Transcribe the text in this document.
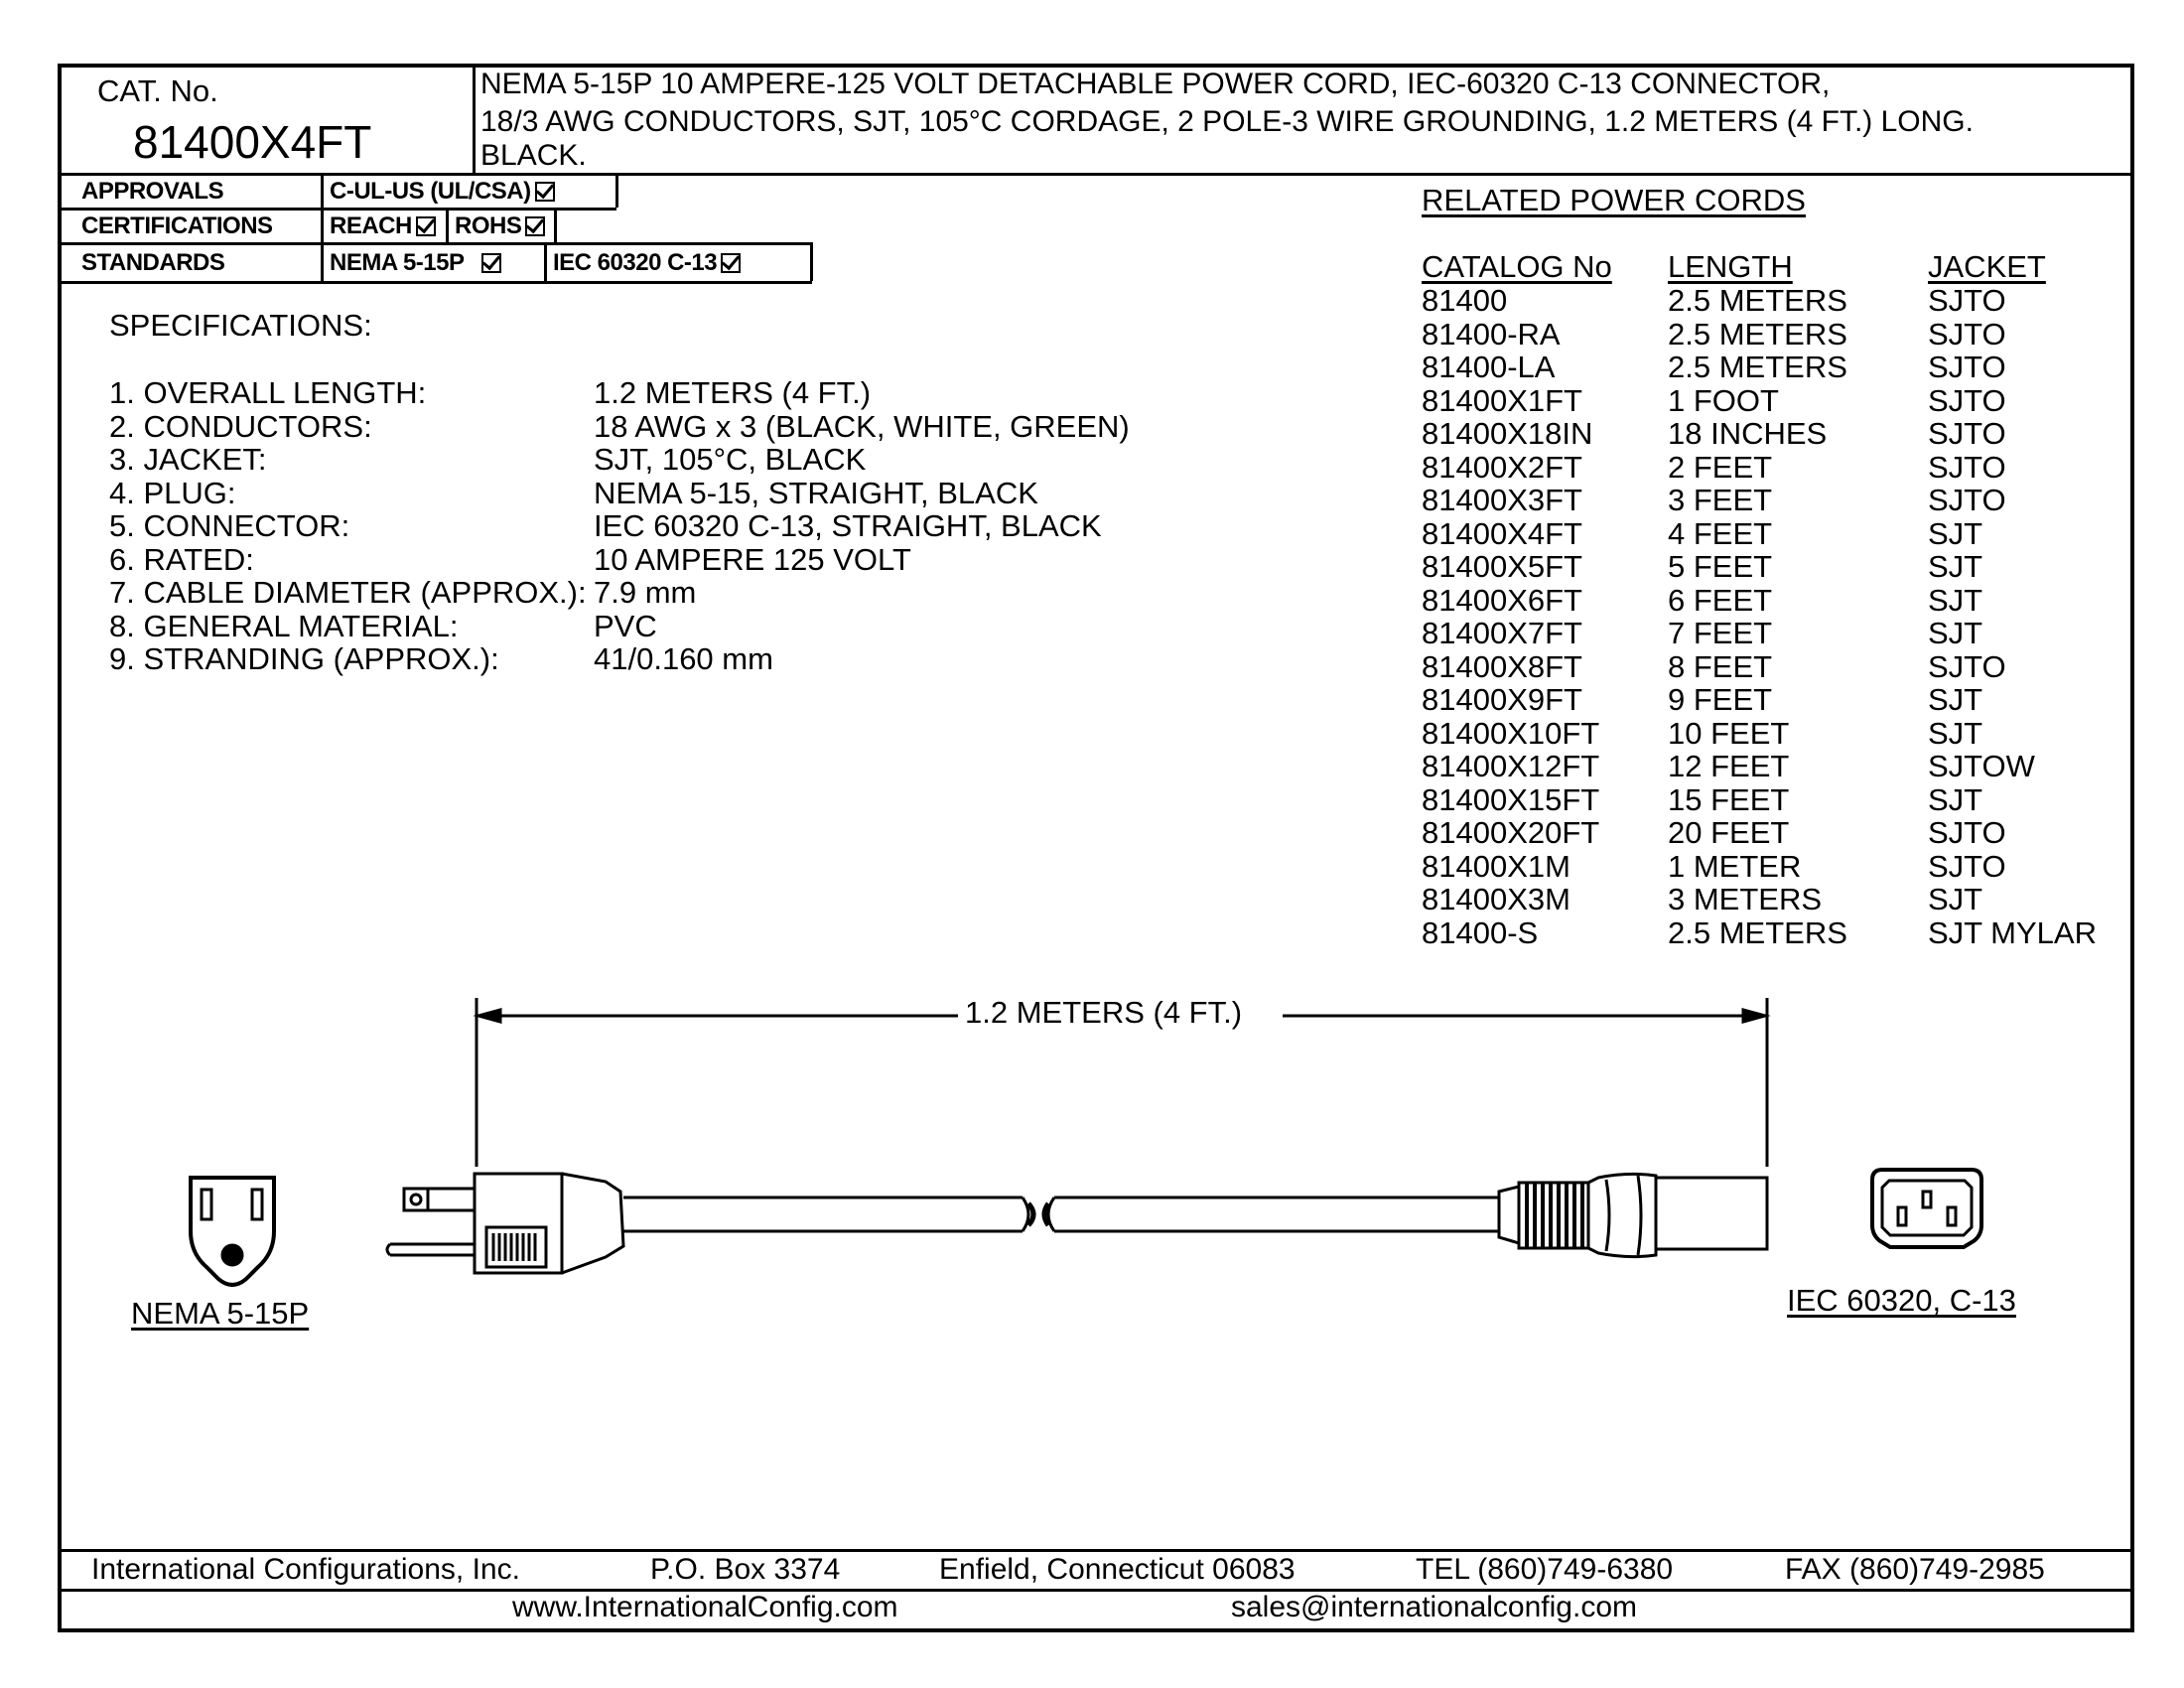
CAT. No.
81400X4FT
NEMA 5-15P 10 AMPERE-125 VOLT DETACHABLE POWER CORD, IEC-60320 C-13 CONNECTOR,
18/3 AWG CONDUCTORS, SJT, 105°C CORDAGE, 2 POLE-3 WIRE GROUNDING, 1.2 METERS (4 FT.) LONG.
BLACK.
APPROVALS	C-UL-US (UL/CSA)
CERTIFICATIONS REACH ROHS
STANDARDS	NEMA 5-15P	IEC 60320 C-13
SPECIFICATIONS:
1. OVERALL LENGTH:	1.2 METERS (4 FT.)
2. CONDUCTORS:	18 AWG x 3 (BLACK, WHITE, GREEN)
3. JACKET:	SJT, 105°C, BLACK
4. PLUG:	NEMA 5-15, STRAIGHT, BLACK
5. CONNECTOR:	IEC 60320 C-13, STRAIGHT, BLACK
6. RATED:	10 AMPERE 125 VOLT
7. CABLE DIAMETER (APPROX.): 7.9 mm
8. GENERAL MATERIAL:	PVC
9. STRANDING (APPROX.):	41/0.160 mm
RELATED POWER CORDS
CATALOG No LENGTH	JACKET
81400	2.5 METERS	SJTO
81400-RA	2.5 METERS	SJTO
81400-LA	2.5 METERS	SJTO
81400X1FT	1 FOOT	SJTO
81400X18IN 18 INCHES	SJTO
81400X2FT	2 FEET	SJTO
81400X3FT	3 FEET	SJTO
81400X4FT	4 FEET	SJT
81400X5FT	5 FEET	SJT
81400X6FT	6 FEET	SJT
81400X7FT	7 FEET	SJT
81400X8FT	8 FEET	SJTO
81400X9FT	9 FEET	SJT
81400X10FT 10 FEET	SJT
81400X12FT 12 FEET	SJTOW
81400X15FT 15 FEET	SJT
81400X20FT 20 FEET	SJTO
81400X1M	1 METER	SJTO
81400X3M	3 METERS	SJT
81400-S	2.5 METERS	SJT MYLAR
1.2 METERS (4 FT.)
NEMA 5-15P	IEC 60320, C-13
International Configurations, Inc.	P.O. Box 3374	Enfield, Connecticut 06083	TEL (860)749-6380	FAX (860)749-2985
www.InternationalConfig.com	sales@internationalconfig.com
